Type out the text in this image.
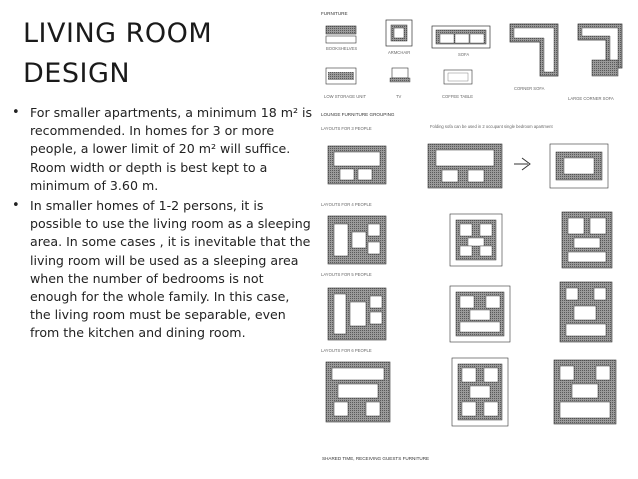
LIVING ROOM
DESIGN
• For smaller apartments, a minimum 18 m² is recommended. In homes for 3 or more people, a lower limit of 20 m² will suffice. Room width or depth is best kept to a minimum of 3.60 m.
• In smaller homes of 1-2 persons, it is possible to use the living room as a sleeping area. In some cases , it is inevitable that the living room will be used as a sleeping area when the number of bedrooms is not enough for the whole family. In this case, the living room must be separable, even from the kitchen and dining room.
FURNITURE
BOOKSHELVES
ARMCHAIR	SOFA
CORNER SOFA
LARGE CORNER SOFA
LOW STORAGE UNIT	TV	COFFEE TABLE
LOUNGE FURNITURE GROUPING
Folding sofa can be used in 2 occupant single bedroom apartment
LAYOUTS FOR 3 PEOPLE
LAYOUTS FOR 4 PEOPLE
LAYOUTS FOR 5 PEOPLE
LAYOUTS FOR 6 PEOPLE
SHARED TIME, RECEIVING GUESTS FURNITURE
